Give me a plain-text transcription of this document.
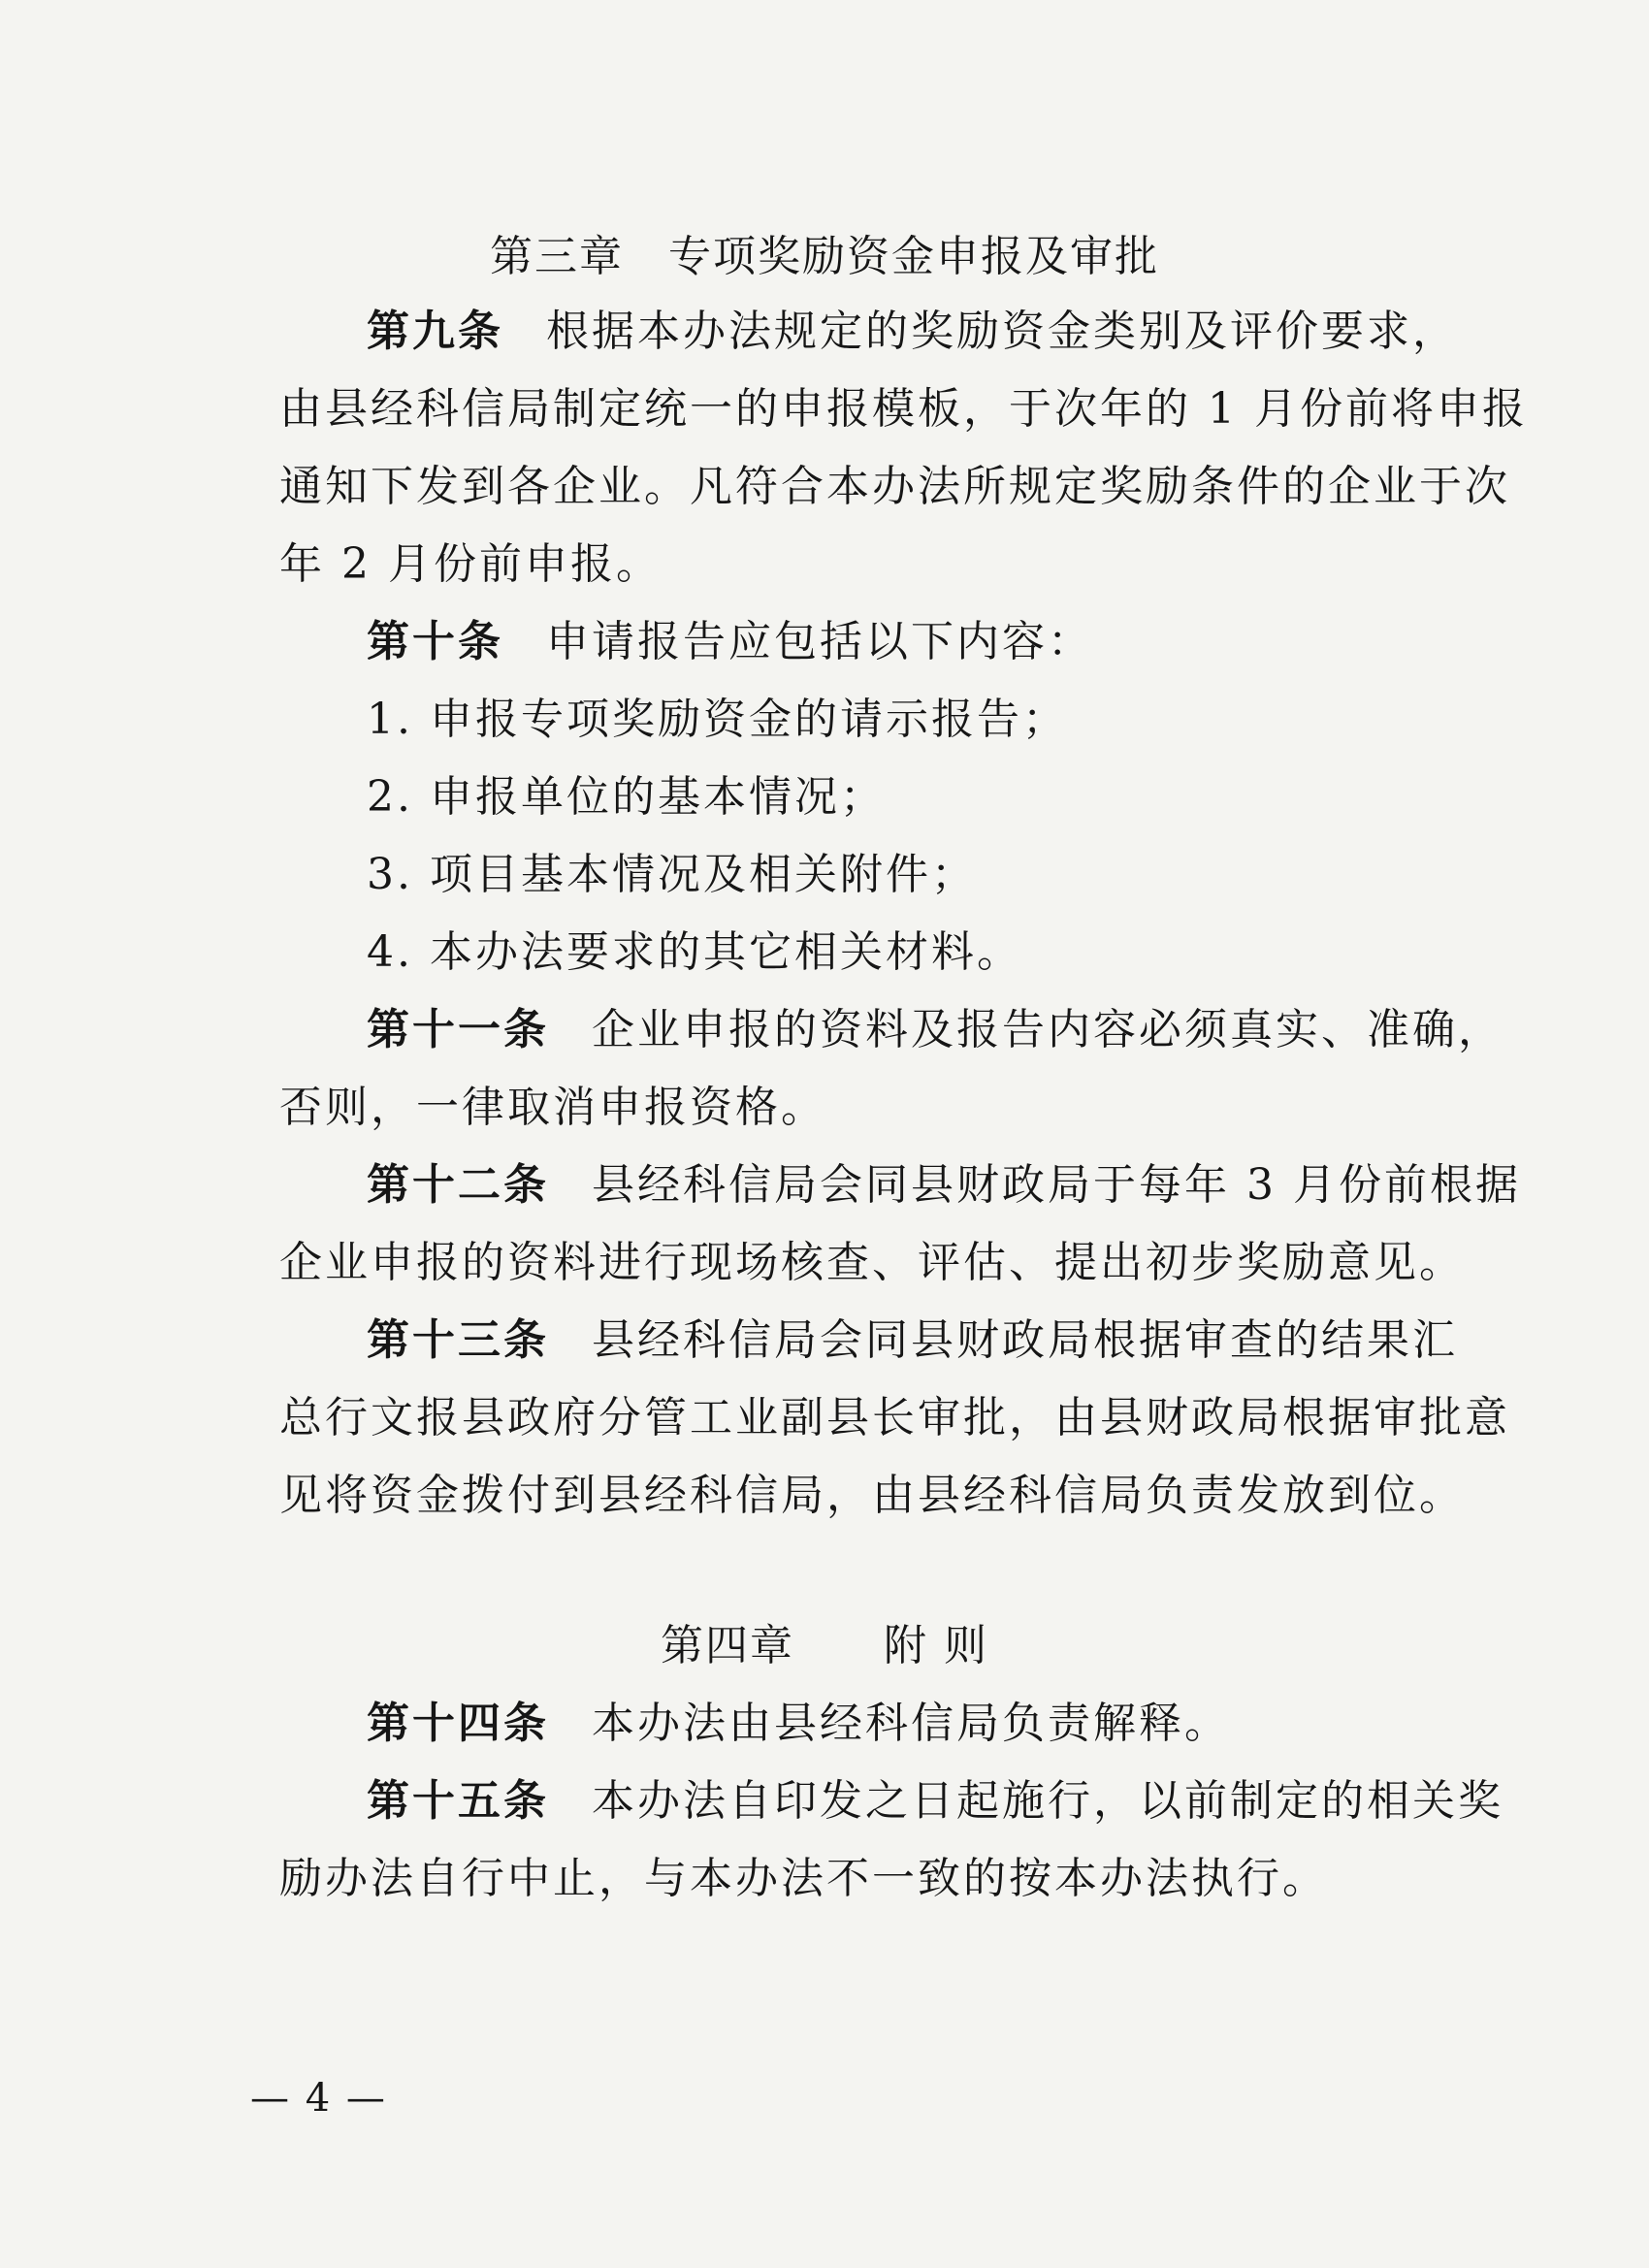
第三章　专项奖励资金申报及审批
第九条 根据本办法规定的奖励资金类别及评价要求，
由县经科信局制定统一的申报模板，于次年的 1 月份前将申报
通知下发到各企业。凡符合本办法所规定奖励条件的企业于次
年 2 月份前申报。
第十条 申请报告应包括以下内容：
1. 申报专项奖励资金的请示报告；
2. 申报单位的基本情况；
3. 项目基本情况及相关附件；
4. 本办法要求的其它相关材料。
第十一条 企业申报的资料及报告内容必须真实、准确，
否则，一律取消申报资格。
第十二条 县经科信局会同县财政局于每年 3 月份前根据
企业申报的资料进行现场核查、评估、提出初步奖励意见。
第十三条 县经科信局会同县财政局根据审查的结果汇
总行文报县政府分管工业副县长审批，由县财政局根据审批意
见将资金拨付到县经科信局，由县经科信局负责发放到位。
第四章　　附 则
第十四条 本办法由县经科信局负责解释。
第十五条 本办法自印发之日起施行，以前制定的相关奖
励办法自行中止，与本办法不一致的按本办法执行。
— 4 —
